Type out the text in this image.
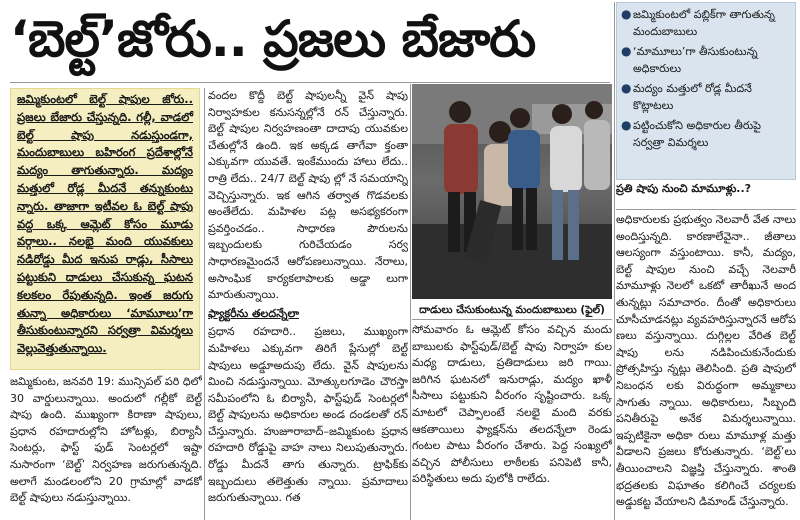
‘బెల్ట్’జోరు.. ప్రజలు బేజారు	● జమ్మికుంటలో పబ్లిక్‌గా తాగుతున్న మందుబాబులు
● ‘మామూలు’గా తీసుకుంటున్న అధికారులు
● మద్యం మత్తులో రోడ్ల మీదనే కొట్లాటలు
● పట్టించుకోని అధికారుల తీరుపై సర్వత్రా విమర్శలు
జమ్మికుంటలో బెల్ట్ షాపుల జోరు.. ప్రజలు బేజారు చేస్తున్నది. గల్లీ, వాడలో బెల్ట్ షాపు నడుస్తుండగా, మందుబాబులు బహిరంగ ప్రదేశాల్లోనే మద్యం తాగుతున్నారు. మద్యం మత్తులో రోడ్ల మీదనే తన్నుకుంటు న్నారు. తాజాగా ఇటీవల ఓ బెల్ట్ షాపు వద్ద ఒక్క ఆమ్లెట్ కోసం మూడు వర్గాలు.. నలభై మంది యువకులు నడిరోడ్డు మీద ఇనుప రాడ్లు, సీసాలు పట్టుకుని దాడులు చేసుకున్న ఘటన కలకలం రేపుతున్నది. ఇంత జరుగు తున్నా అధికారులు ‘మామూలు’గా తీసుకుంటున్నారని సర్వత్రా విమర్శలు వెల్లువెత్తుతున్నాయి.

జమ్మికుంట, జనవరి 19: మున్సిపల్ పరి ధిలో 30 వార్డులున్నాయి. అందులో గల్లీకో బెల్ట్ షాపు ఉంది. ముఖ్యంగా కిరాణా షాపులు, ప్రధాన రహదారుల్లోని హోటళ్లు, బిర్యానీ సెంటర్లు, ఫాస్ట్ ఫుడ్ సెంటర్లలో ఇష్టా నుసారంగా ‘బెల్ట్’ నిర్వహణ జరుగుతున్నది. అలాగే మండలంలోని 20 గ్రామాల్లో వాడకో బెల్ట్ షాపులు నడుస్తున్నాయి.

వందల కొద్దీ బెల్ట్ షాపులన్నీ వైన్ షాపు నిర్వాహకుల కనుసన్నల్లోనే రన్ చేస్తున్నారు. బెల్ట్ షాపుల నిర్వహణంతా దాదాపు యువకుల చేతుల్లోనే ఉంది. ఇక అక్కడ తాగేవా క్తంతా ఎక్కువగా యువతే. ఇంకేముందు హాలు లేదు.. రాత్రి లేదు.. 24/7 బెల్ట్ షాపు ల్లో నే సమయాన్ని వెచ్చిస్తున్నారు. ఇక ఆగిన తర్వాత గొడవలకు అంతేలేదు. మహిళల పట్ల అసభ్యకరంగా ప్రవర్తించడం.. సాధారణ పౌరులను ఇబ్బందులకు గురిచేయడం సర్వ సాధారణమైందనే ఆరోపణలున్నాయి. నేరాలు, అసాంఘిక కార్యకలాపాలకు అడ్డా లుగా మారుతున్నాయి.

ఫ్యాక్టరీను తలదన్నేలా

ప్రధాన రహదారి.. ప్రజలు, ముఖ్యంగా మహిళలు ఎక్కువగా తిరిగే ప్లేసుల్లో బెల్ట్ షాపులు అడ్డూఅదుపు లేదు. వైన్ షాపులను మించి నడుస్తున్నాయి. మోత్కులగూడెం చౌరస్తా సమీపంలోని ఓ బిర్యానీ, ఫాస్ట్‌ఫుడ్ సెంటర్లలో బెల్ట్ షాపులను అధికారుల అండ దండలతో రన్ చేస్తున్నారు. హుజూరాబాద్–జమ్మికుంట ప్రధాన రహదారి రోడ్డుపై వాహ నాలు నిలుపుతున్నారు. రోడ్డు మీదనే తాగు తున్నారు. ట్రాఫిక్‌కు ఇబ్బందులు తలెత్తుతు న్నాయి. ప్రమాదాలు జరుగుతున్నాయి. గత

దాడులు చేసుకుంటున్న మందుబాబులు (ఫైల్)

సోమవారం ఓ ఆమ్లెట్ కోసం వచ్చిన మందు బాబులకు ఫాస్ట్‌ఫుడ్/బెల్ట్ షాపు నిర్వాహ కుల మధ్య దాడులు, ప్రతిదాడులు జరి గాయి. జరిగిన ఘటనలో ఇనురాడ్లు, మద్యం ఖాళీ సీసాలు పట్టుకుని వీరంగం సృష్టించారు. ఒక్క మాటలో చెప్పాలంటే నలభై మంది వరకు ఆకతాయిలు ఫ్యాక్షన్‌ను తలదన్నేలా రెండు గంటల పాటు వీరంగం చేశారు. పెద్ద సంఖ్యలో వచ్చిన పోలీసులు లాఠీలకు పనిపెటి కానీ, పరిస్థితులు అదు పులోకి రాలేదు.

ప్రతి షాపు నుంచి మామూళ్లు..?

అధికారులకు ప్రభుత్వం నెలవారీ వేత నాలు అందిస్తున్నది. కారణాలేవైనా.. జీతాలు ఆలస్యంగా వస్తుంటాయి. కానీ, మద్యం, బెల్ట్ షాపుల నుంచి వచ్చే నెలవారీ మామూళ్లు నెలలో ఒకటో తారీఖునే అంద తున్నట్లు సమాచారం. దీంతో అధికారులు చూసీచూడనట్లు వ్యవహరిస్తున్నారనే ఆరోప ణలు వస్తున్నాయి. దుగ్గిల్లల వేరిత బెల్ట్ షాపు లను నడిపించుకునేందుకు ప్రోత్సహిస్తు న్నట్లు తెలిసింది. ప్రతి షాపులో నిబంధన లకు విరుద్ధంగా అమ్మకాలు సాగుతు న్నాయి. అధికారులు, సిబ్బంది పనితీరుపై అనేక విమర్శలున్నాయి. ఇప్పటికైనా అధికా రులు మామూళ్ల మత్తు వీడాలని ప్రజలు కోరుతున్నారు. ‘బెల్ట్’లు తీయించాలని విజ్ఞప్తి చేస్తున్నారు. శాంతి భద్రతలకు విఘాతం కలిగించే చర్యలకు అడ్డుకట్ట వేయాలని డిమాండ్ చేస్తున్నారు.
